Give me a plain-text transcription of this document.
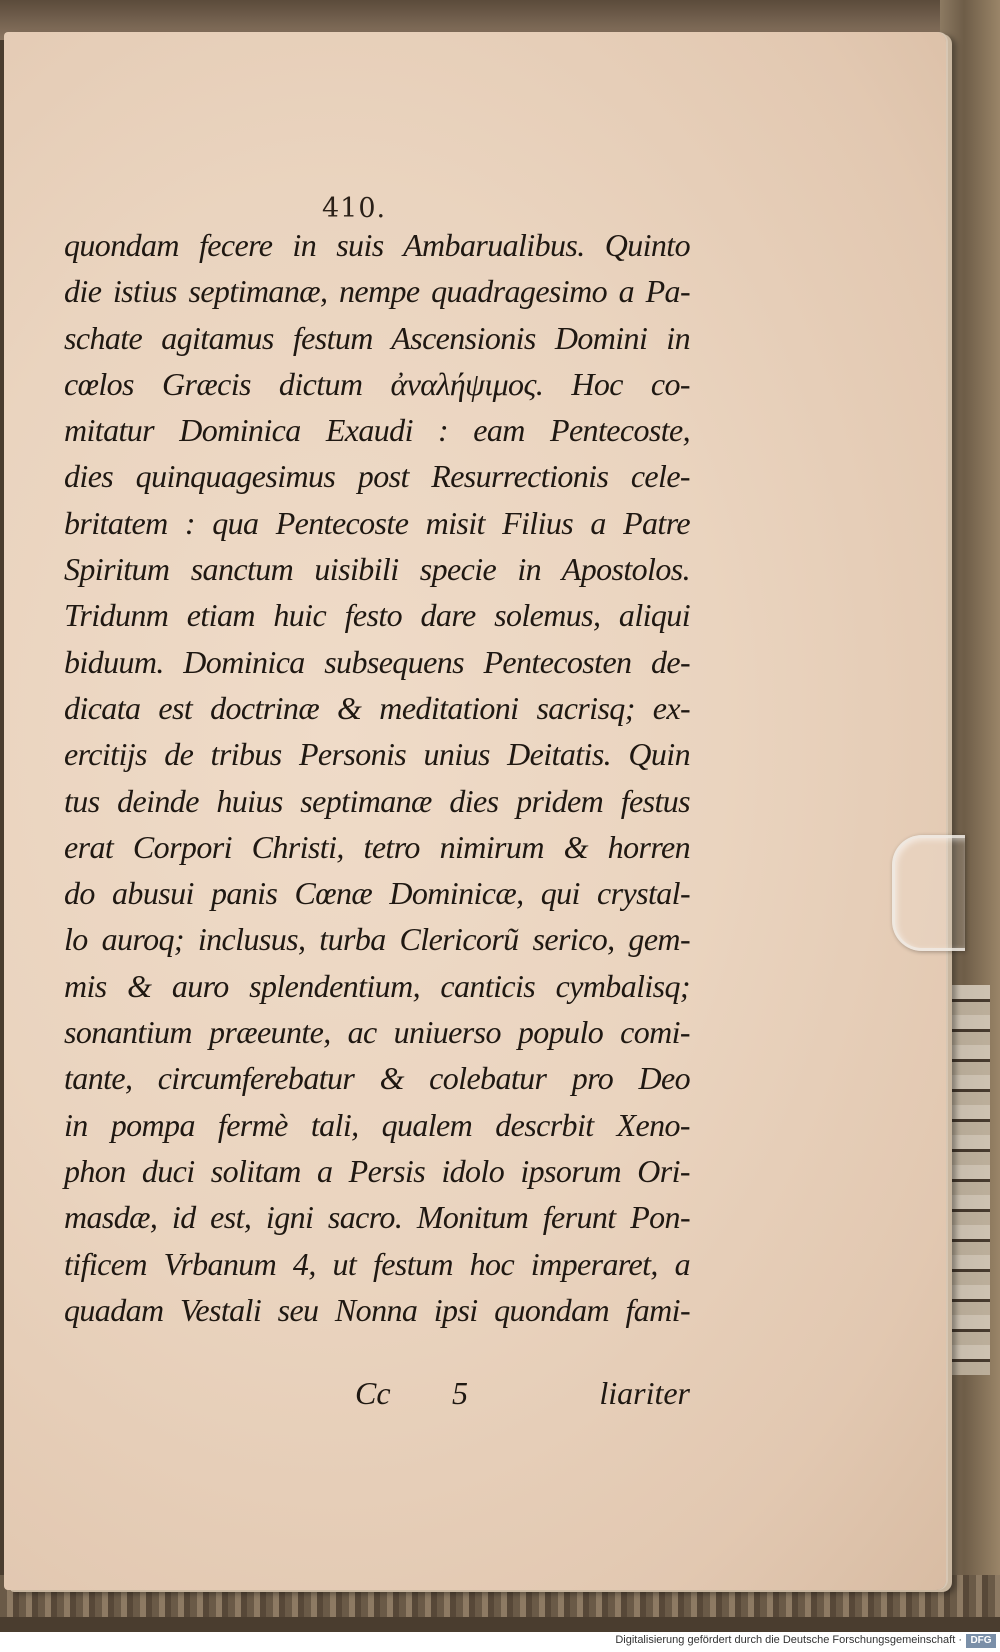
410.
quondam fecere in suis Ambarualibus. Quinto
die istius septimanæ, nempe quadragesimo a Pa-
schate agitamus festum Ascensionis Domini in
cœlos Græcis dictum ἀναλήψιμος. Hoc co-
mitatur Dominica Exaudi : eam Pentecoste,
dies quinquagesimus post Resurrectionis cele-
britatem : qua Pentecoste misit Filius a Patre
Spiritum sanctum uisibili specie in Apostolos.
Tridunm etiam huic festo dare solemus, aliqui
biduum. Dominica subsequens Pentecosten de-
dicata est doctrinæ & meditationi sacrisq; ex-
ercitijs de tribus Personis unius Deitatis. Quin
tus deinde huius septimanæ dies pridem festus
erat Corpori Christi, tetro nimirum & horren
do abusui panis Cœnæ Dominicæ, qui crystal-
lo auroq; inclusus, turba Clericorũ serico, gem-
mis & auro splendentium, canticis cymbalisq;
sonantium præeunte, ac uniuerso populo comi-
tante, circumferebatur & colebatur pro Deo
in pompa fermè tali, qualem descrbit Xeno-
phon duci solitam a Persis idolo ipsorum Ori-
masdæ, id est, igni sacro. Monitum ferunt Pon-
tificem Vrbanum 4, ut festum hoc imperaret, a
quadam Vestali seu Nonna ipsi quondam fami-
Cc 5	liariter
Digitalisierung gefördert durch die Deutsche Forschungsgemeinschaft · DFG
